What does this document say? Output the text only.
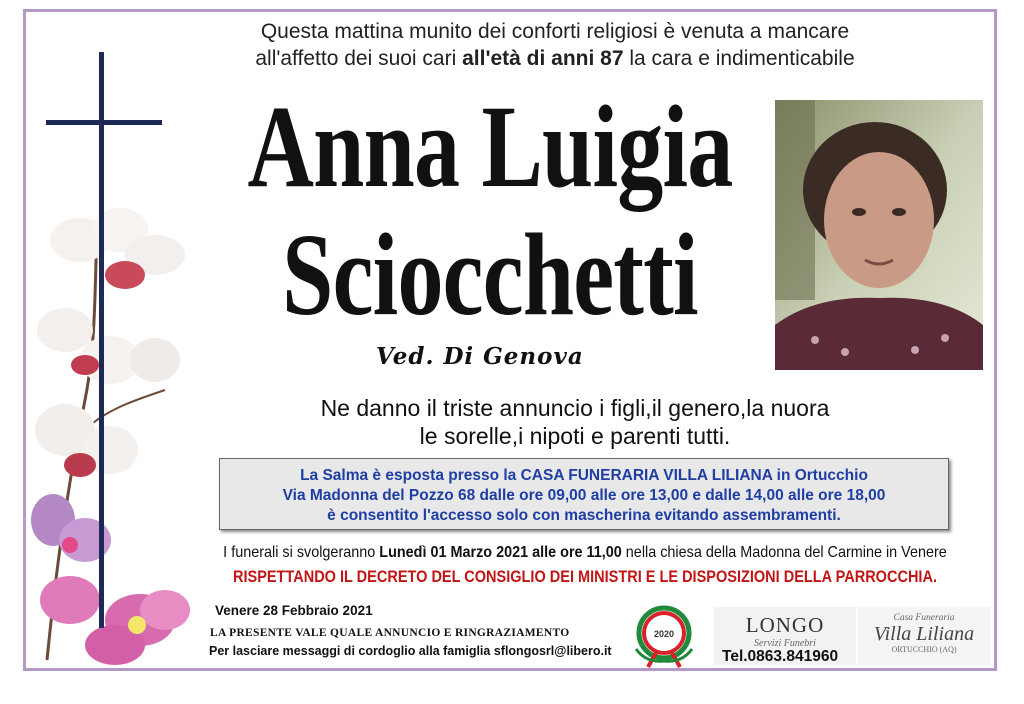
Questa mattina munito dei conforti religiosi è venuta a mancare
all'affetto dei suoi cari all'età di anni 87 la cara e indimenticabile
Anna Luigia
Sciocchetti
Ved. Di Genova
Ne danno il triste annuncio i figli,il genero,la nuora
le sorelle,i nipoti e parenti tutti.
La Salma è esposta presso la CASA FUNERARIA VILLA LILIANA in Ortucchio
Via Madonna del Pozzo 68 dalle ore 09,00 alle ore 13,00 e dalle 14,00 alle ore 18,00
è consentito l'accesso solo con mascherina evitando assembramenti.
I funerali si svolgeranno Lunedì 01 Marzo 2021 alle ore 11,00 nella chiesa della Madonna del Carmine in Venere
RISPETTANDO IL DECRETO DEL CONSIGLIO DEI MINISTRI E LE DISPOSIZIONI DELLA PARROCCHIA.
Venere 28 Febbraio 2021
LA PRESENTE VALE QUALE ANNUNCIO E RINGRAZIAMENTO
Per lasciare messaggi di cordoglio alla famiglia sflongosrl@libero.it
2020	LONGO
Servizi Funebri
Tel.0863.841960
Casa Funeraria
Villa Liliana
ORTUCCHIO (AQ)
